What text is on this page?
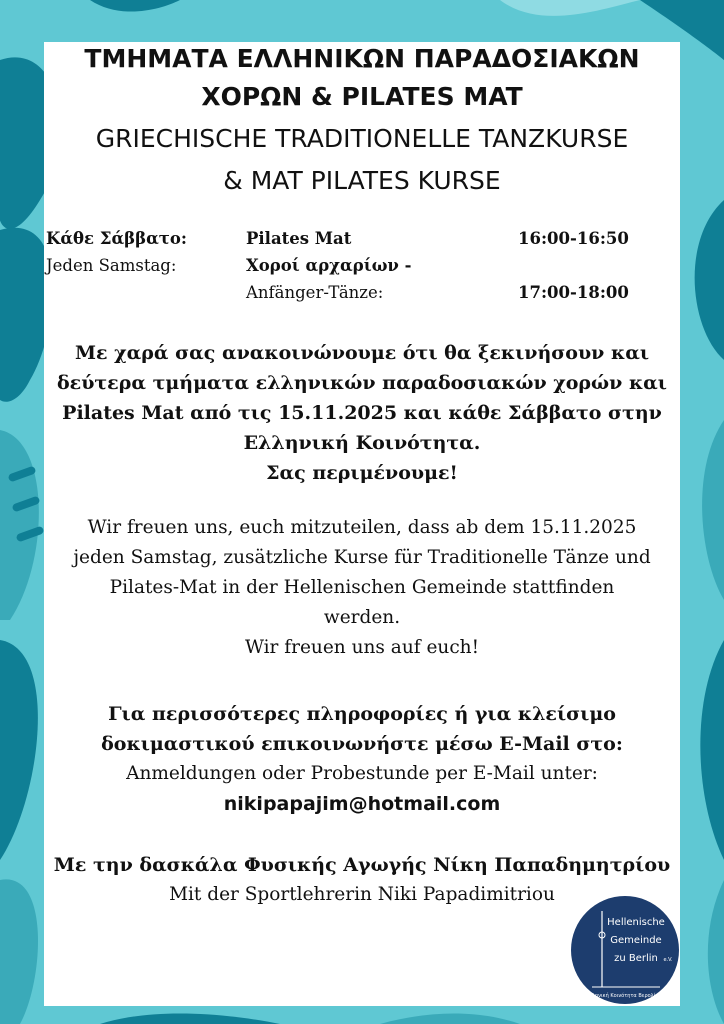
ΤΜΗΜΑΤΑ ΕΛΛΗΝΙΚΩΝ ΠΑΡΑΔΟΣΙΑΚΩΝ
ΧΟΡΩΝ & PILATES MAT
GRIECHISCHE TRADITIONELLE TANZKURSE
& MAT PILATES KURSE
Κάθε Σάββατο:
Jeden Samstag:
Pilates Mat
Χοροί αρχαρίων -
Anfänger-Tänze:
16:00-16:50
17:00-18:00
Με χαρά σας ανακοινώνουμε ότι θα ξεκινήσουν και
δεύτερα τμήματα ελληνικών παραδοσιακών χορών και
Pilates Mat από τις 15.11.2025 και κάθε Σάββατο στην
Ελληνική Κοινότητα.
Σας περιμένουμε!
Wir freuen uns, euch mitzuteilen, dass ab dem 15.11.2025
jeden Samstag, zusätzliche Kurse für Traditionelle Tänze und
Pilates-Mat in der Hellenischen Gemeinde stattfinden
werden.
Wir freuen uns auf euch!
Για περισσότερες πληροφορίες ή για κλείσιμο
δοκιμαστικού επικοινωνήστε μέσω E-Mail στο:
Anmeldungen oder Probestunde per E-Mail unter:
nikipapajim@hotmail.com
Με την δασκάλα Φυσικής Αγωγής Νίκη Παπαδημητρίου
Mit der Sportlehrerin Niki Papadimitriou
Hellenische
Gemeinde
zu Berlin e.V.
Ελληνική Κοινότητα Βερολίνου
